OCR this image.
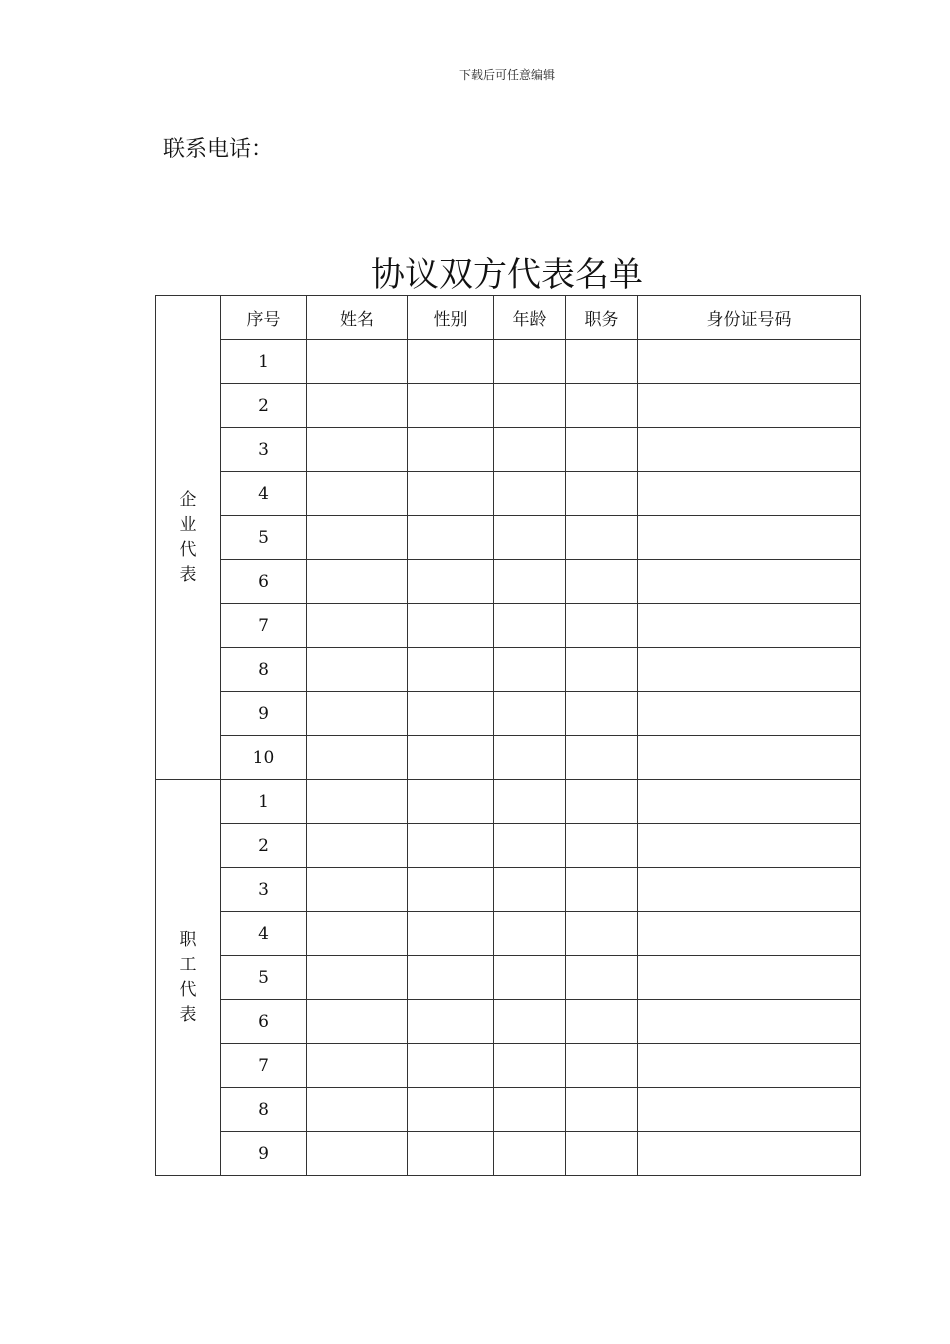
下载后可任意编辑
联系电话：
协议双方代表名单
企
业
代
表	序号	姓名	性别	年龄	职务	身份证号码
	1					
	2					
	3					
	4					
	5					
	6					
	7					
	8					
	9					
	10					

职
工
代
表	1					
	2					
	3					
	4					
	5					
	6					
	7					
	8					
	9					
